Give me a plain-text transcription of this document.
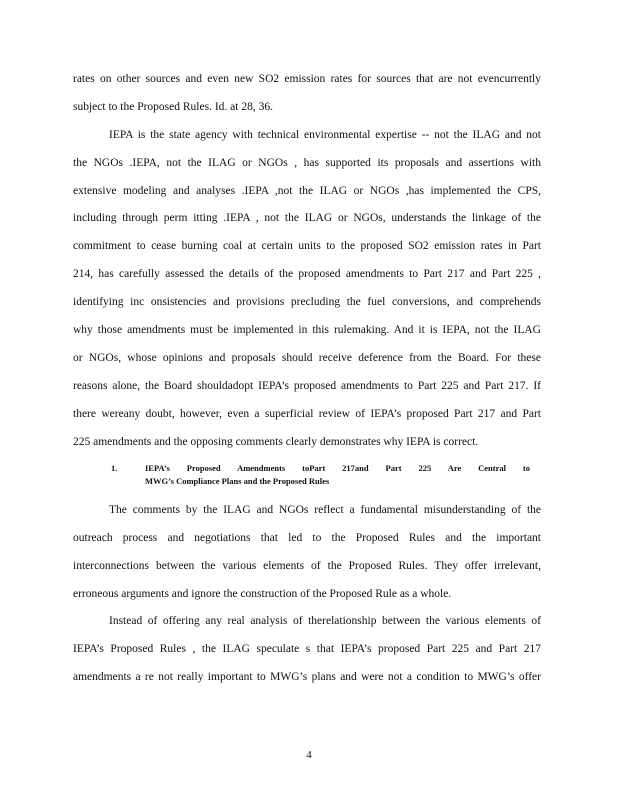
rates on other sources and even new SO2 emission rates for sources that are not evencurrently
subject to the Proposed Rules. Id. at 28, 36.
IEPA is the state agency with technical environmental expertise -- not the ILAG and not
the NGOs .IEPA, not the ILAG or NGOs , has supported its proposals and assertions with
extensive modeling and analyses .IEPA ,not the ILAG or NGOs ,has implemented the CPS,
including through perm itting .IEPA , not the ILAG or NGOs, understands the linkage of the
commitment to cease burning coal at certain units to the proposed SO2 emission rates in Part
214, has carefully assessed the details of the proposed amendments to Part 217 and Part 225 ,
identifying inc onsistencies and provisions precluding the fuel conversions, and comprehends
why those amendments must be implemented in this rulemaking. And it is IEPA, not the ILAG
or NGOs, whose opinions and proposals should receive deference from the Board. For these
reasons alone, the Board shouldadopt IEPA’s proposed amendments to Part 225 and Part 217. If
there wereany doubt, however, even a superficial review of IEPA’s proposed Part 217 and Part
225 amendments and the opposing comments clearly demonstrates why IEPA is correct.
1.	IEPA’s Proposed Amendments toPart 217and Part 225 Are Central to
MWG’s Compliance Plans and the Proposed Rules
The comments by the ILAG and NGOs reflect a fundamental misunderstanding of the
outreach process and negotiations that led to the Proposed Rules and the important
interconnections between the various elements of the Proposed Rules. They offer irrelevant,
erroneous arguments and ignore the construction of the Proposed Rule as a whole.
Instead of offering any real analysis of therelationship between the various elements of
IEPA’s Proposed Rules , the ILAG speculate s that IEPA’s proposed Part 225 and Part 217
amendments a re not really important to MWG’s plans and were not a condition to MWG’s offer
4
